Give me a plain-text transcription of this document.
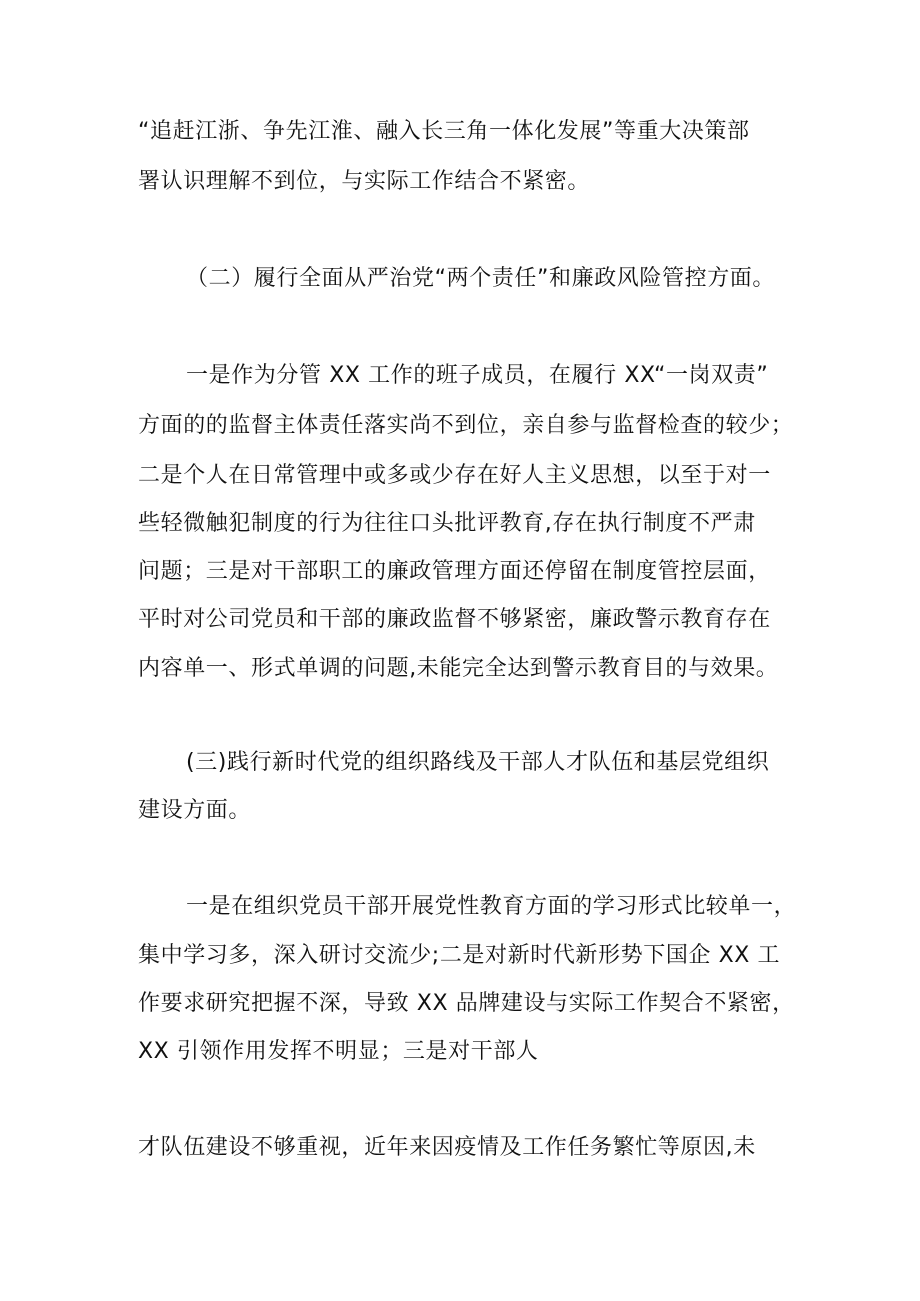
“追赶江浙、争先江淮、融入长三角一体化发展”等重大决策部

署认识理解不到位，与实际工作结合不紧密。

（二）履行全面从严治党“两个责任”和廉政风险管控方面。

一是作为分管 XX 工作的班子成员，在履行 XX“一岗双责”

方面的的监督主体责任落实尚不到位，亲自参与监督检查的较少；

二是个人在日常管理中或多或少存在好人主义思想，以至于对一

些轻微触犯制度的行为往往口头批评教育,存在执行制度不严肃

问题；三是对干部职工的廉政管理方面还停留在制度管控层面，

平时对公司党员和干部的廉政监督不够紧密，廉政警示教育存在

内容单一、形式单调的问题,未能完全达到警示教育目的与效果。

(三)践行新时代党的组织路线及干部人才队伍和基层党组织

建设方面。

一是在组织党员干部开展党性教育方面的学习形式比较单一，

集中学习多，深入研讨交流少;二是对新时代新形势下国企 XX 工

作要求研究把握不深，导致 XX 品牌建设与实际工作契合不紧密，

XX 引领作用发挥不明显；三是对干部人

才队伍建设不够重视，近年来因疫情及工作任务繁忙等原因,未
